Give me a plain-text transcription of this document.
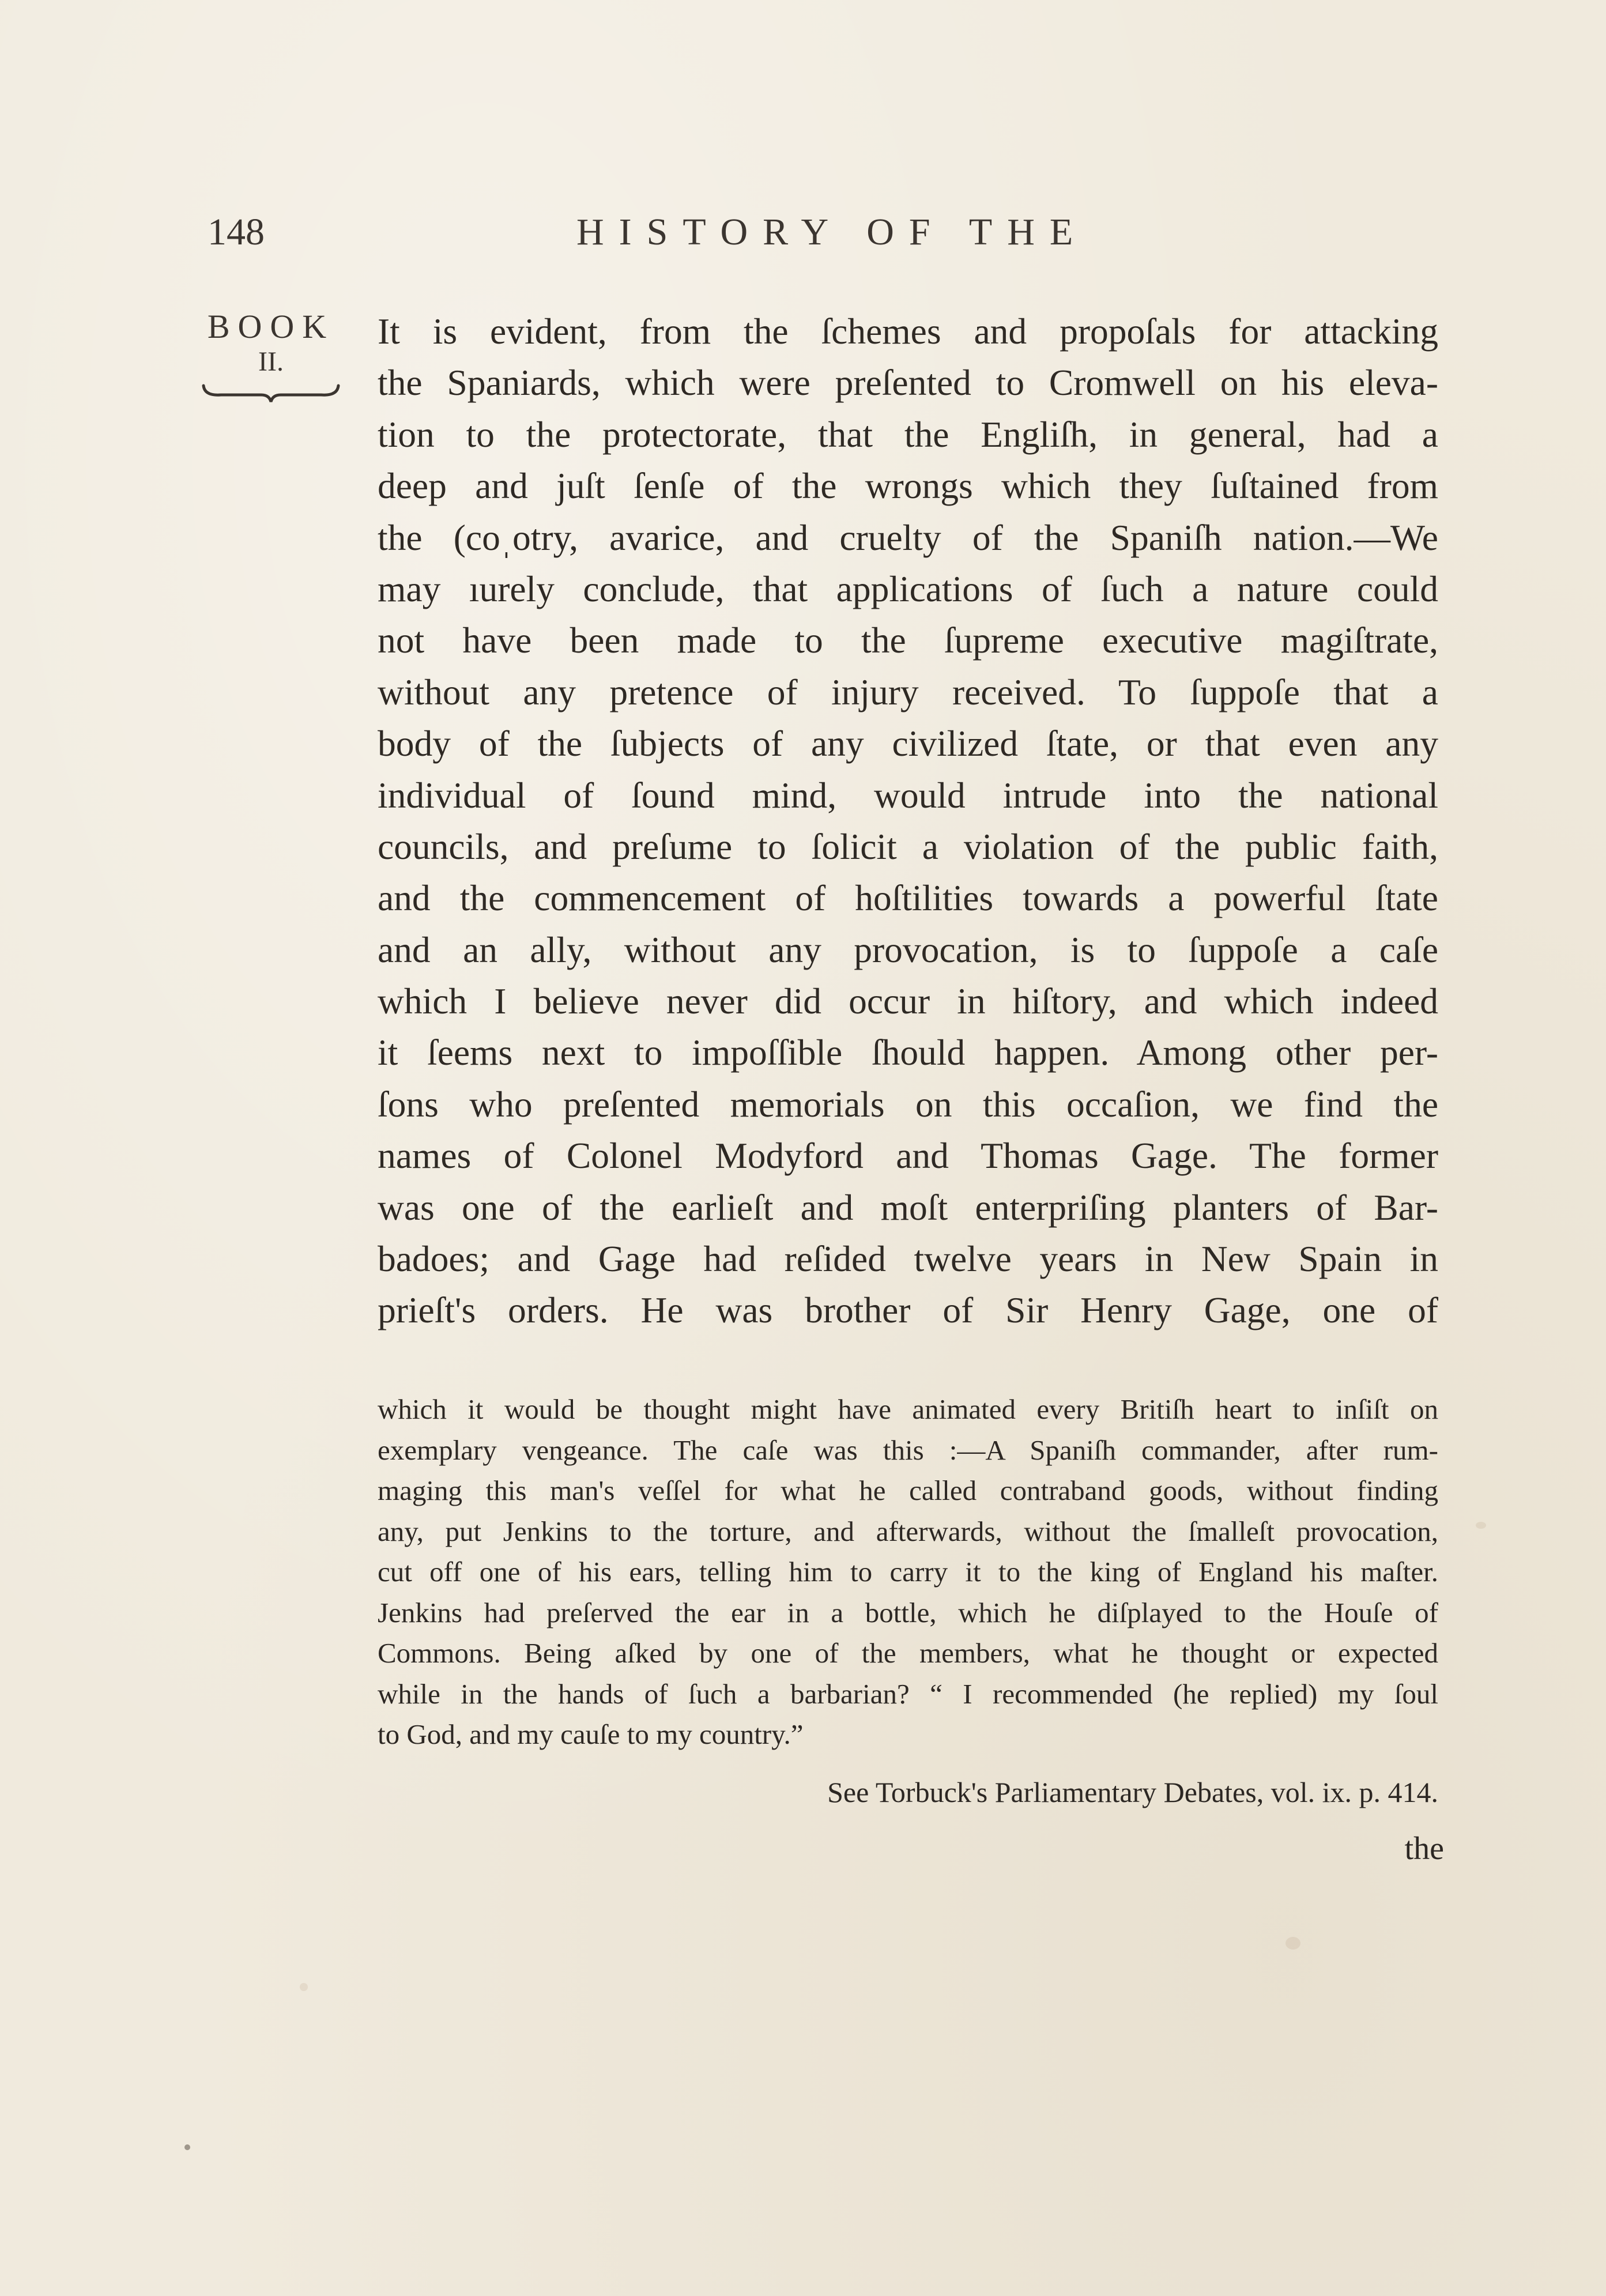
148	HISTORY OF THE
BOOK
II.

It is evident, from the ſchemes and propoſals for attacking
the Spaniards, which were preſented to Cromwell on his eleva-
tion to the protectorate, that the Engliſh, in general, had a
deep and juſt ſenſe of the wrongs which they ſuſtained from
the (coˌotry, avarice, and cruelty of the Spaniſh nation.—We
may ıurely conclude, that applications of ſuch a nature could
not have been made to the ſupreme executive magiſtrate,
without any pretence of injury received. To ſuppoſe that a
body of the ſubjects of any civilized ſtate, or that even any
individual of ſound mind, would intrude into the national
councils, and preſume to ſolicit a violation of the public faith,
and the commencement of hoſtilities towards a powerful ſtate
and an ally, without any provocation, is to ſuppoſe a caſe
which I believe never did occur in hiſtory, and which indeed
it ſeems next to impoſſible ſhould happen. Among other per-
ſons who preſented memorials on this occaſion, we find the
names of Colonel Modyford and Thomas Gage. The former
was one of the earlieſt and moſt enterpriſing planters of Bar-
badoes; and Gage had reſided twelve years in New Spain in
prieſt's orders. He was brother of Sir Henry Gage, one of

which it would be thought might have animated every Britiſh heart to inſiſt on
exemplary vengeance. The caſe was this :—A Spaniſh commander, after rum-
maging this man's veſſel for what he called contraband goods, without finding
any, put Jenkins to the torture, and afterwards, without the ſmalleſt provocation,
cut off one of his ears, telling him to carry it to the king of England his maſter.
Jenkins had preſerved the ear in a bottle, which he diſplayed to the Houſe of
Commons. Being aſked by one of the members, what he thought or expected
while in the hands of ſuch a barbarian? “ I recommended (he replied) my ſoul
to God, and my cauſe to my country.”

See Torbuck's Parliamentary Debates, vol. ix. p. 414.
the
